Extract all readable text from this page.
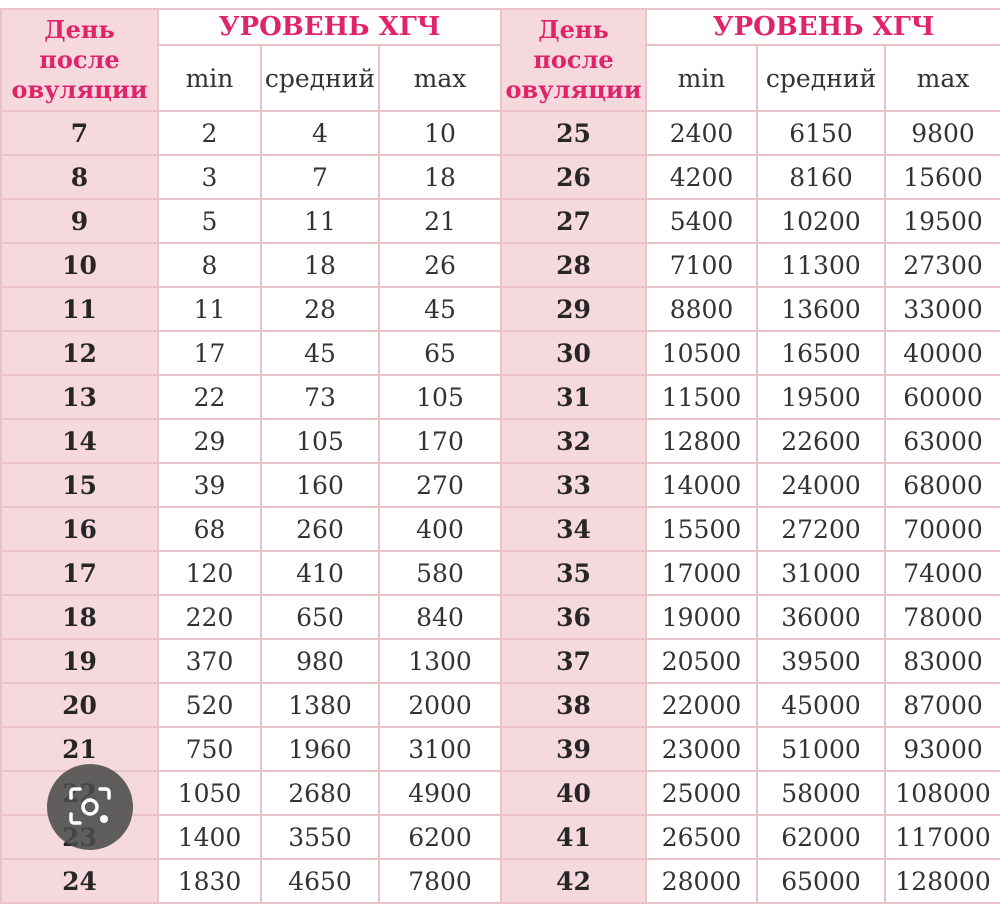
День после овуляции	УРОВЕНЬ ХГЧ			День после овуляции	УРОВЕНЬ ХГЧ		
	min	средний	max		min	средний	max
7	2	4	10	25	2400	6150	9800
8	3	7	18	26	4200	8160	15600
9	5	11	21	27	5400	10200	19500
10	8	18	26	28	7100	11300	27300
11	11	28	45	29	8800	13600	33000
12	17	45	65	30	10500	16500	40000
13	22	73	105	31	11500	19500	60000
14	29	105	170	32	12800	22600	63000
15	39	160	270	33	14000	24000	68000
16	68	260	400	34	15500	27200	70000
17	120	410	580	35	17000	31000	74000
18	220	650	840	36	19000	36000	78000
19	370	980	1300	37	20500	39500	83000
20	520	1380	2000	38	22000	45000	87000
21	750	1960	3100	39	23000	51000	93000
	1050	2680	4900	40	25000	58000	108000
	1400	3550	6200	41	26500	62000	117000
24	1830	4650	7800	42	28000	65000	128000
